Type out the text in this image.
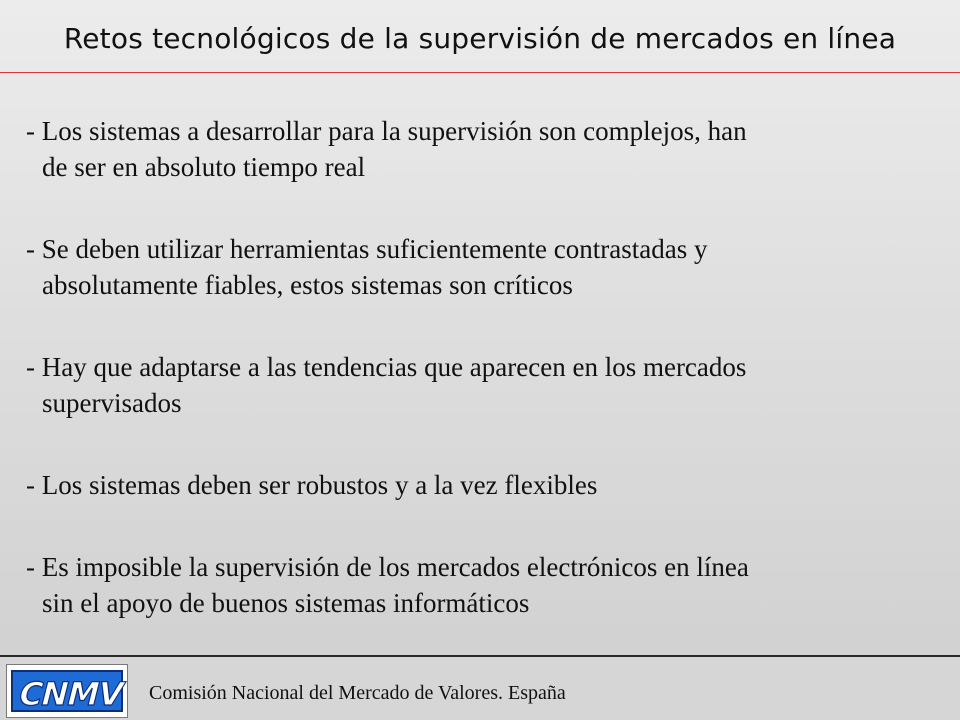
Retos tecnológicos de la supervisión de mercados en línea
- Los sistemas a desarrollar para la supervisión son complejos, han
de ser en absoluto tiempo real
- Se deben utilizar herramientas suficientemente contrastadas y
absolutamente fiables, estos sistemas son críticos
- Hay que adaptarse a las tendencias que aparecen en los mercados
supervisados
- Los sistemas deben ser robustos y a la vez flexibles
- Es imposible la supervisión de los mercados electrónicos en línea
sin el apoyo de buenos sistemas informáticos
CNMV Comisión Nacional del Mercado de Valores. España
